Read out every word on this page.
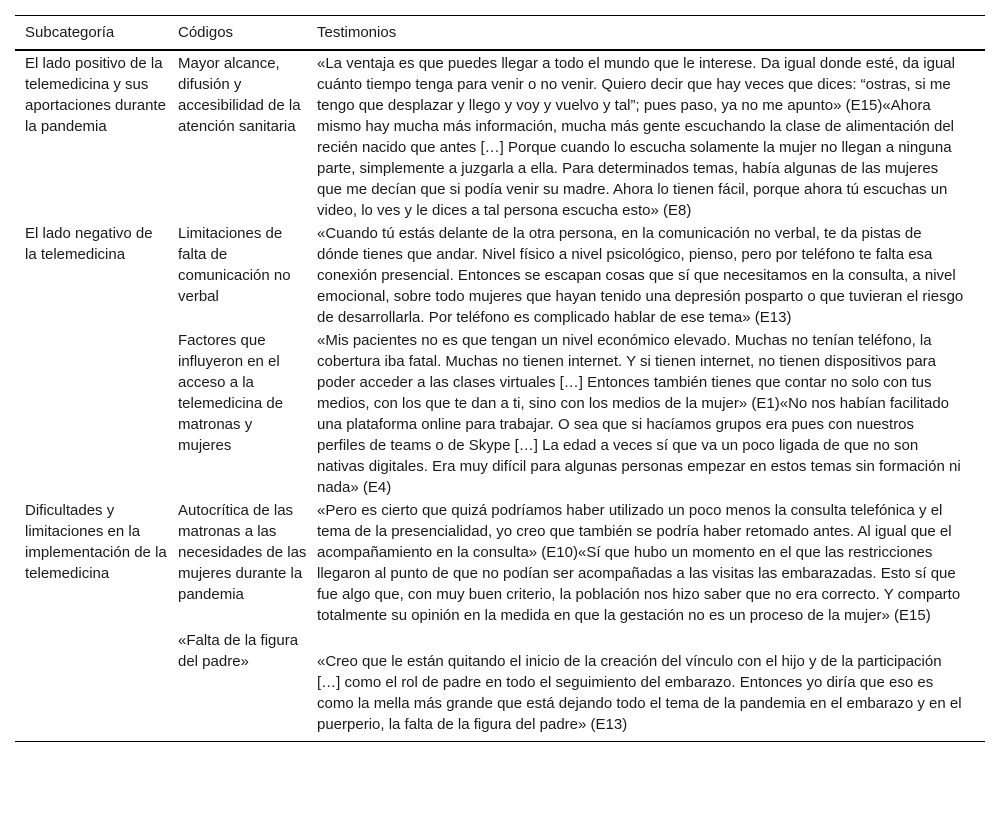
Subcategoría	Códigos	Testimonios
El lado positivo de la telemedicina y sus aportaciones durante la pandemia	Mayor alcance, difusión y accesibilidad de la atención sanitaria	«La ventaja es que puedes llegar a todo el mundo que le interese. Da igual donde esté, da igual cuánto tiempo tenga para venir o no venir. Quiero decir que hay veces que dices: “ostras, si me tengo que desplazar y llego y voy y vuelvo y tal”; pues paso, ya no me apunto» (E15)«Ahora mismo hay mucha más información, mucha más gente escuchando la clase de alimentación del recién nacido que antes […] Porque cuando lo escucha solamente la mujer no llegan a ninguna parte, simplemente a juzgarla a ella. Para determinados temas, había algunas de las mujeres que me decían que si podía venir su madre. Ahora lo tienen fácil, porque ahora tú escuchas un video, lo ves y le dices a tal persona escucha esto» (E8)
El lado negativo de la telemedicina	Limitaciones de falta de comunicación no verbal	«Cuando tú estás delante de la otra persona, en la comunicación no verbal, te da pistas de dónde tienes que andar. Nivel físico a nivel psicológico, pienso, pero por teléfono te falta esa conexión presencial. Entonces se escapan cosas que sí que necesitamos en la consulta, a nivel emocional, sobre todo mujeres que hayan tenido una depresión posparto o que tuvieran el riesgo de desarrollarla. Por teléfono es complicado hablar de ese tema» (E13)
	Factores que influyeron en el acceso a la telemedicina de matronas y mujeres	«Mis pacientes no es que tengan un nivel económico elevado. Muchas no tenían teléfono, la cobertura iba fatal. Muchas no tienen internet. Y si tienen internet, no tienen dispositivos para poder acceder a las clases virtuales […] Entonces también tienes que contar no solo con tus medios, con los que te dan a ti, sino con los medios de la mujer» (E1)«No nos habían facilitado una plataforma online para trabajar. O sea que si hacíamos grupos era pues con nuestros perfiles de teams o de Skype […] La edad a veces sí que va un poco ligada de que no son nativas digitales. Era muy difícil para algunas personas empezar en estos temas sin formación ni nada» (E4)
Dificultades y limitaciones en la implementación de la telemedicina	Autocrítica de las matronas a las necesidades de las mujeres durante la pandemia	«Pero es cierto que quizá podríamos haber utilizado un poco menos la consulta telefónica y el tema de la presencialidad, yo creo que también se podría haber retomado antes. Al igual que el acompañamiento en la consulta» (E10)«Sí que hubo un momento en el que las restricciones llegaron al punto de que no podían ser acompañadas a las visitas las embarazadas. Esto sí que fue algo que, con muy buen criterio, la población nos hizo saber que no era correcto. Y comparto totalmente su opinión en la medida en que la gestación no es un proceso de la mujer» (E15)
	«Falta de la figura del padre»	«Creo que le están quitando el inicio de la creación del vínculo con el hijo y de la participación […] como el rol de padre en todo el seguimiento del embarazo. Entonces yo diría que eso es como la mella más grande que está dejando todo el tema de la pandemia en el embarazo y en el puerperio, la falta de la figura del padre» (E13)
